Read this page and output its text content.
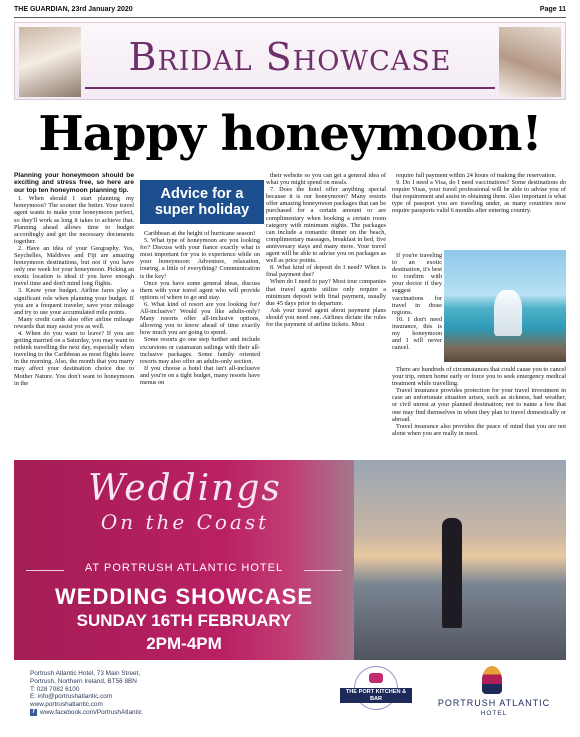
THE GUARDIAN, 23rd January 2020	Page 11
Bridal Showcase
Happy honeymoon!

Planning your honeymoon should be exciting and stress free, so here are our top ten honeymoon planning tip.

1. When should I start planning my honeymoon? The sooner the better. Your travel agent wants to make your honeymoon perfect, so they'll work as long it takes to achieve that. Planning ahead allows time to budget accordingly and get the necessary documents together.

2. Have an idea of your Geography. Yes, Seychelles, Maldives and Fiji are amazing honeymoon destinations, but not if you have only one week for your honeymoon. Picking an exotic location is ideal if you have enough travel time and don't mind long flights.

3. Know your budget. Airline fares play a significant role when planning your budget. If you are a frequent traveler, save your mileage and try to use your accumulated mile points.

Many credit cards also offer airline mileage rewards that may assist you as well.

4. When do you want to leave? If you are getting married on a Saturday, you may want to rethink travelling the next day, especially when traveling to the Caribbean as most flights leave in the morning. Also, the month that you marry may affect your destination choice due to Mother Nature. You don't want to honeymoon in the

Advice for a super holiday

Caribbean at the height of hurricane season!

5. What type of honeymoon are you looking for? Discuss with your fiance exactly what is most important for you to experience while on your honeymoon: Adventure, relaxation, touring, a little of everything? Communication is the key!

Once you have some general ideas, discuss them with your travel agent who will provide options of where to go and stay.

6. What kind of resort are you looking for? All-inclusive? Would you like adults-only? Many resorts offer all-inclusive options, allowing you to know ahead of time exactly how much you are going to spend.

Some resorts go one step further and include excursions or catamaran sailings with their all-inclusive packages. Some family oriented resorts may also offer an adults-only section.

If you choose a hotel that isn't all-inclusive and you're on a tight budget, many resorts have menus on

their website so you can get a general idea of what you might spend on meals.

7. Does the hotel offer anything special because it is our honeymoon? Many resorts offer amazing honeymoon packages that can be purchased for a certain amount or are complimentary when booking a certain room category with minimum nights. The packages can include a romantic dinner on the beach, complimentary massages, breakfast in bed, five anniversary stays and many more. Your travel agent will be able to advise you on packages as well as price points.

8. What kind of deposit do I need? When is final payment due?

When do I need to pay? Most tour companies that travel agents utilize only require a minimum deposit with final payment, usually due 45 days prior to departure.

Ask your travel agent about payment plans should you need one. Airlines dictate the rules for the payment of airline tickets. Most

require full payment within 24 hours of making the reservation.

9. Do I need a Visa, do I need vaccinations? Some destinations do require Visas, your travel professional will be able to advise you of that requirement and assist in obtaining them. Also important is what type of passport you are traveling under, as many countries now require passports valid 6 months after entering country.

If you're traveling to an exotic destination, it's best to confirm with your doctor if they suggest vaccinations for travel in those regions.

10. I don't need insurance, this is my honeymoon and I will never cancel.

There are hundreds of circumstances that could cause you to cancel your trip, return home early or force you to seek emergency medical treatment while travelling.

Travel insurance provides protection for your travel investment in case an unfortunate situation arises, such as sickness, bad weather, or civil unrest at your planned destination; not to name a few that one may find themselves in when they plan to travel domestically or abroad.

Travel insurance also provides the peace of mind that you are not alone when you are really in need.

Weddings
On the Coast
AT PORTRUSH ATLANTIC HOTEL
WEDDING SHOWCASE
SUNDAY 16TH FEBRUARY
2PM-4PM
Portrush Atlantic Hotel, 73 Main Street,
Portrush, Northern Ireland, BT56 8BN
T: 028 7082 6100
E: info@portrushatlantic.com
www.portrushatlantic.com
f www.facebook.com/PortrushAtlantic
THE PORT KITCHEN & BAR	PORTRUSH ATLANTIC
HOTEL
